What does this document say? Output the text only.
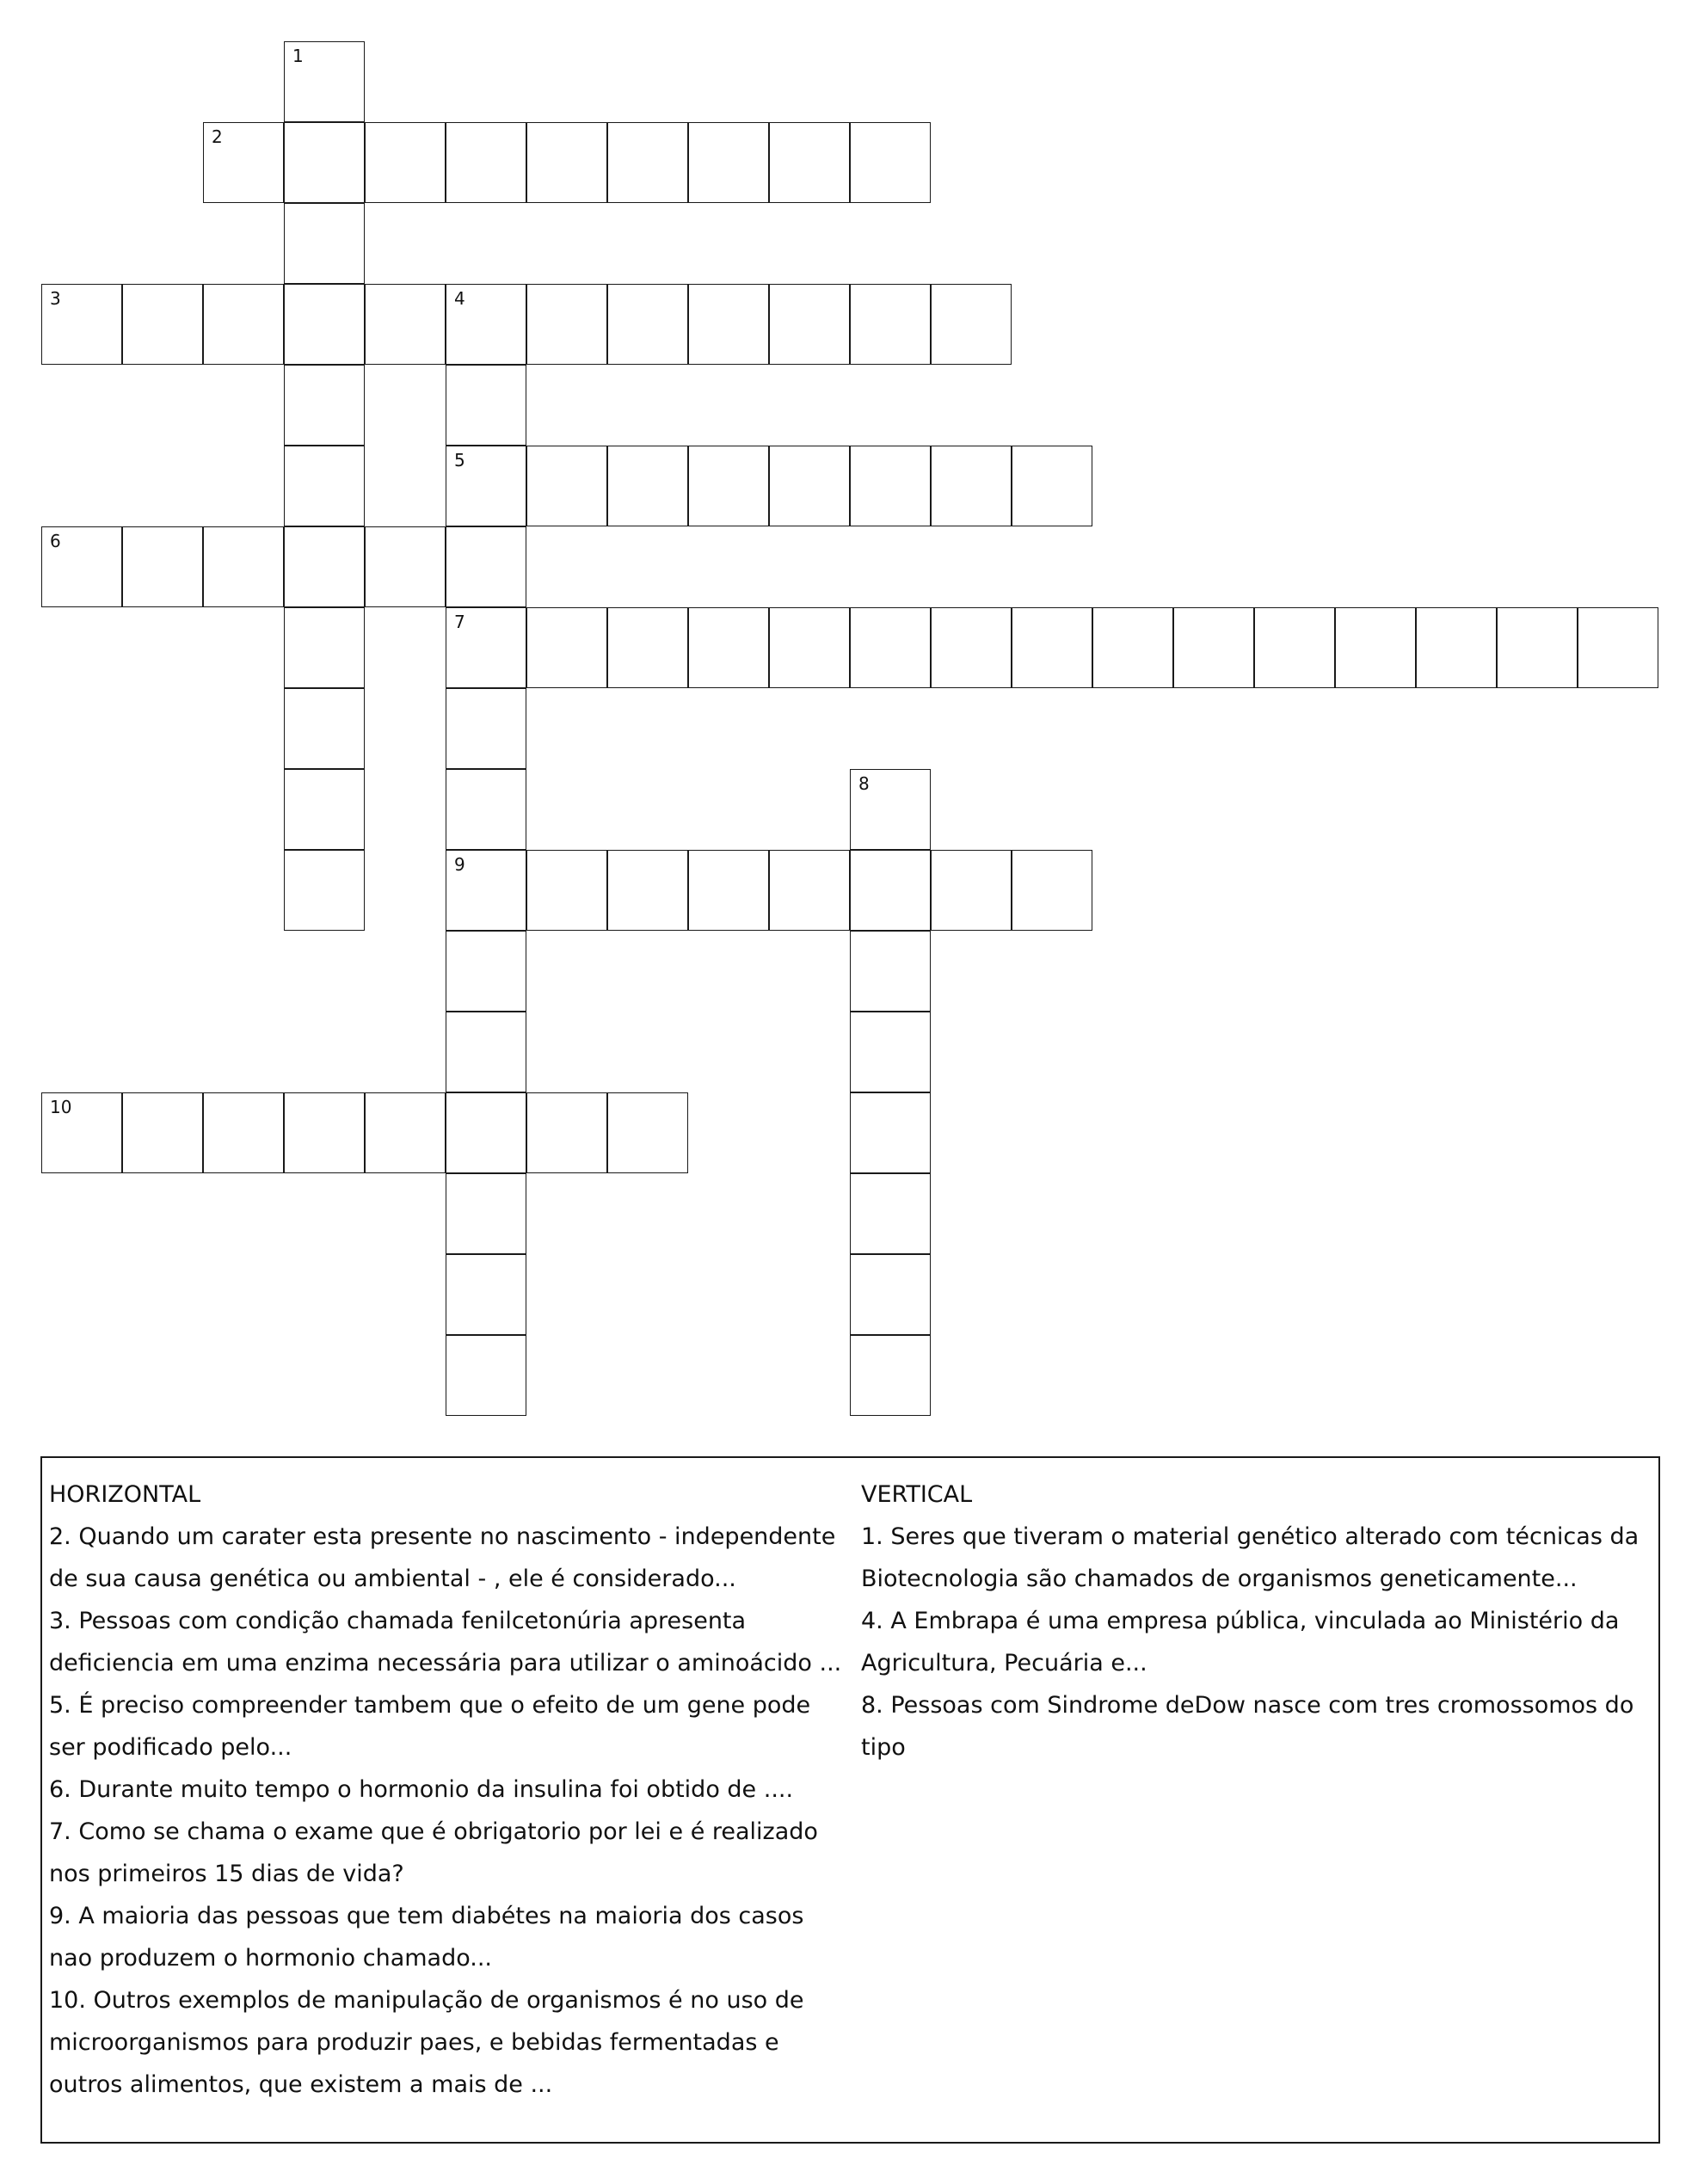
1
2
3	4
5
7
9
6
8
10

HORIZONTAL

2. Quando um carater esta presente no nascimento - independente de sua causa genética ou ambiental - , ele é considerado...

3. Pessoas com condição chamada fenilcetonúria apresenta deficiencia em uma enzima necessária para utilizar o aminoácido ...

5. É preciso compreender tambem que o efeito de um gene pode ser podificado pelo...

6. Durante muito tempo o hormonio da insulina foi obtido de ....

7. Como se chama o exame que é obrigatorio por lei e é realizado nos primeiros 15 dias de vida?

9. A maioria das pessoas que tem diabétes na maioria dos casos nao produzem o hormonio chamado...

10. Outros exemplos de manipulação de organismos é no uso de microorganismos para produzir paes, e bebidas fermentadas e outros alimentos, que existem a mais de ...

VERTICAL

1. Seres que tiveram o material genético alterado com técnicas da Biotecnologia são chamados de organismos geneticamente...

4. A Embrapa é uma empresa pública, vinculada ao Ministério da Agricultura, Pecuária e...

8. Pessoas com Sindrome deDow nasce com tres cromossomos do tipo
